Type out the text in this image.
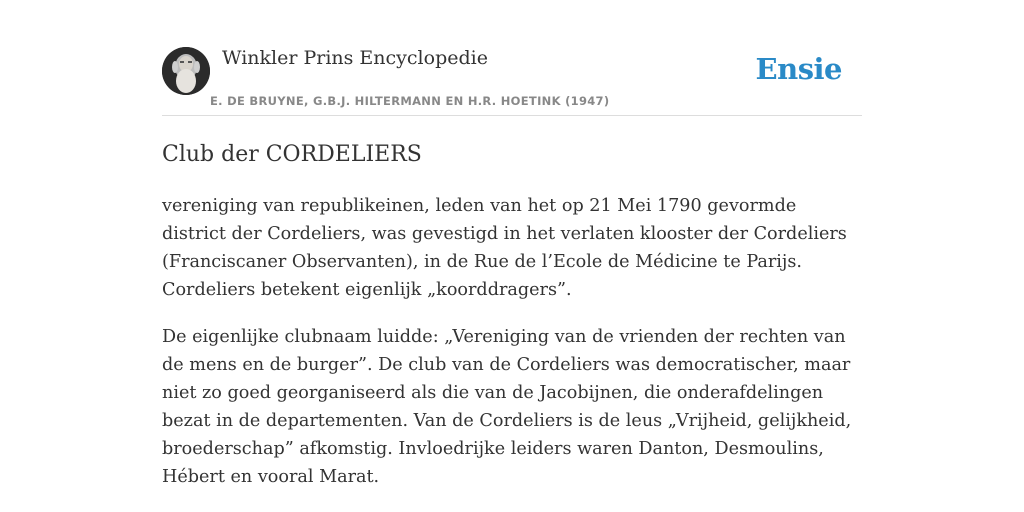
Winkler Prins Encyclopedie
E. DE BRUYNE, G.B.J. HILTERMANN EN H.R. HOETINK (1947)
Ensie
Club der CORDELIERS

vereniging van republikeinen, leden van het op 21 Mei 1790 gevormde district der Cordeliers, was gevestigd in het verlaten klooster der Cordeliers (Franciscaner Observanten), in de Rue de l’Ecole de Médicine te Parijs. Cordeliers betekent eigenlijk „koorddragers”.

De eigenlijke clubnaam luidde: „Vereniging van de vrienden der rechten van de mens en de burger”. De club van de Cordeliers was democratischer, maar niet zo goed georganiseerd als die van de Jacobijnen, die onderafdelingen bezat in de departementen. Van de Cordeliers is de leus „Vrijheid, gelijkheid, broederschap” afkomstig. Invloedrijke leiders waren Danton, Desmoulins, Hébert en vooral Marat.
